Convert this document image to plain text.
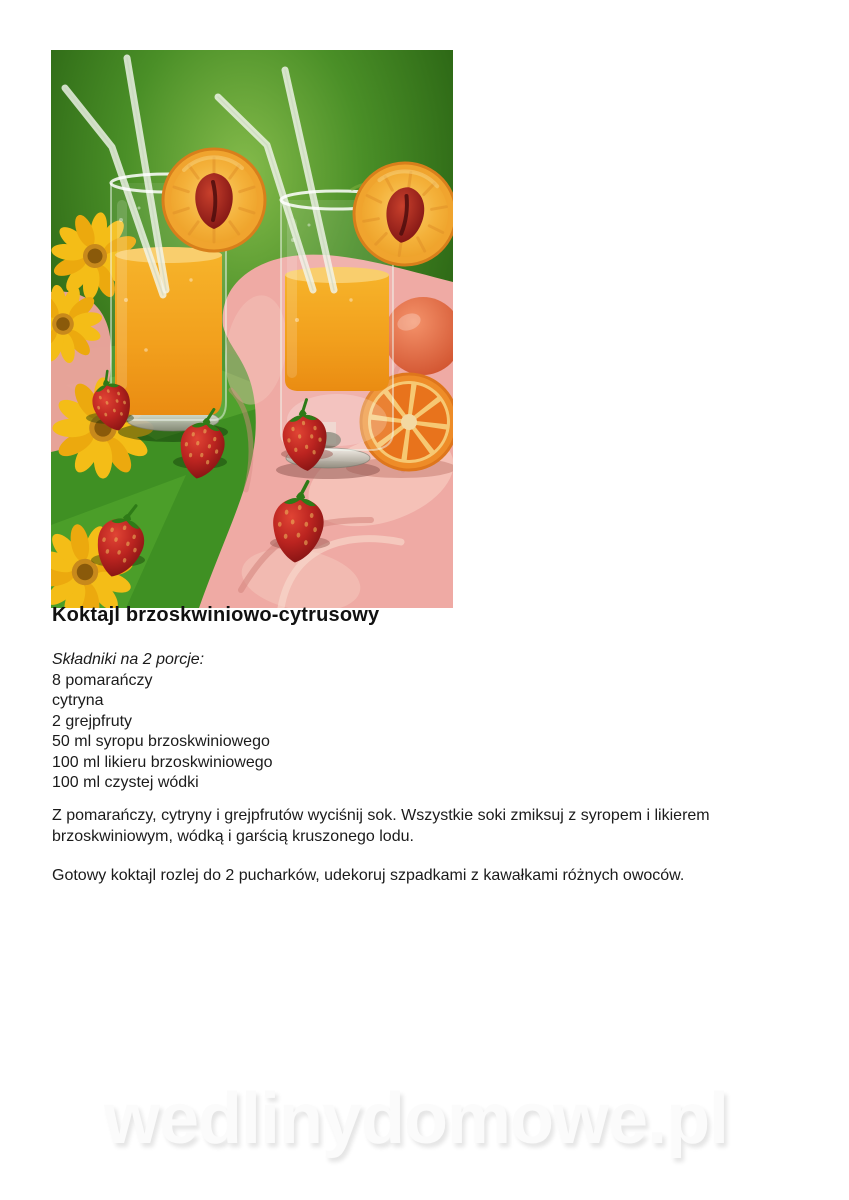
Koktajl brzoskwiniowo-cytrusowy
Składniki na 2 porcje:
8 pomarańczy
cytryna
2 grejpfruty
50 ml syropu brzoskwiniowego
100 ml likieru brzoskwiniowego
100 ml czystej wódki

Z pomarańczy, cytryny i grejpfrutów wyciśnij sok. Wszystkie soki zmiksuj z syropem i likierem
brzoskwiniowym, wódką i garścią kruszonego lodu.

Gotowy koktajl rozlej do 2 pucharków, udekoruj szpadkami z kawałkami różnych owoców.

wedlinydomowe.pl
